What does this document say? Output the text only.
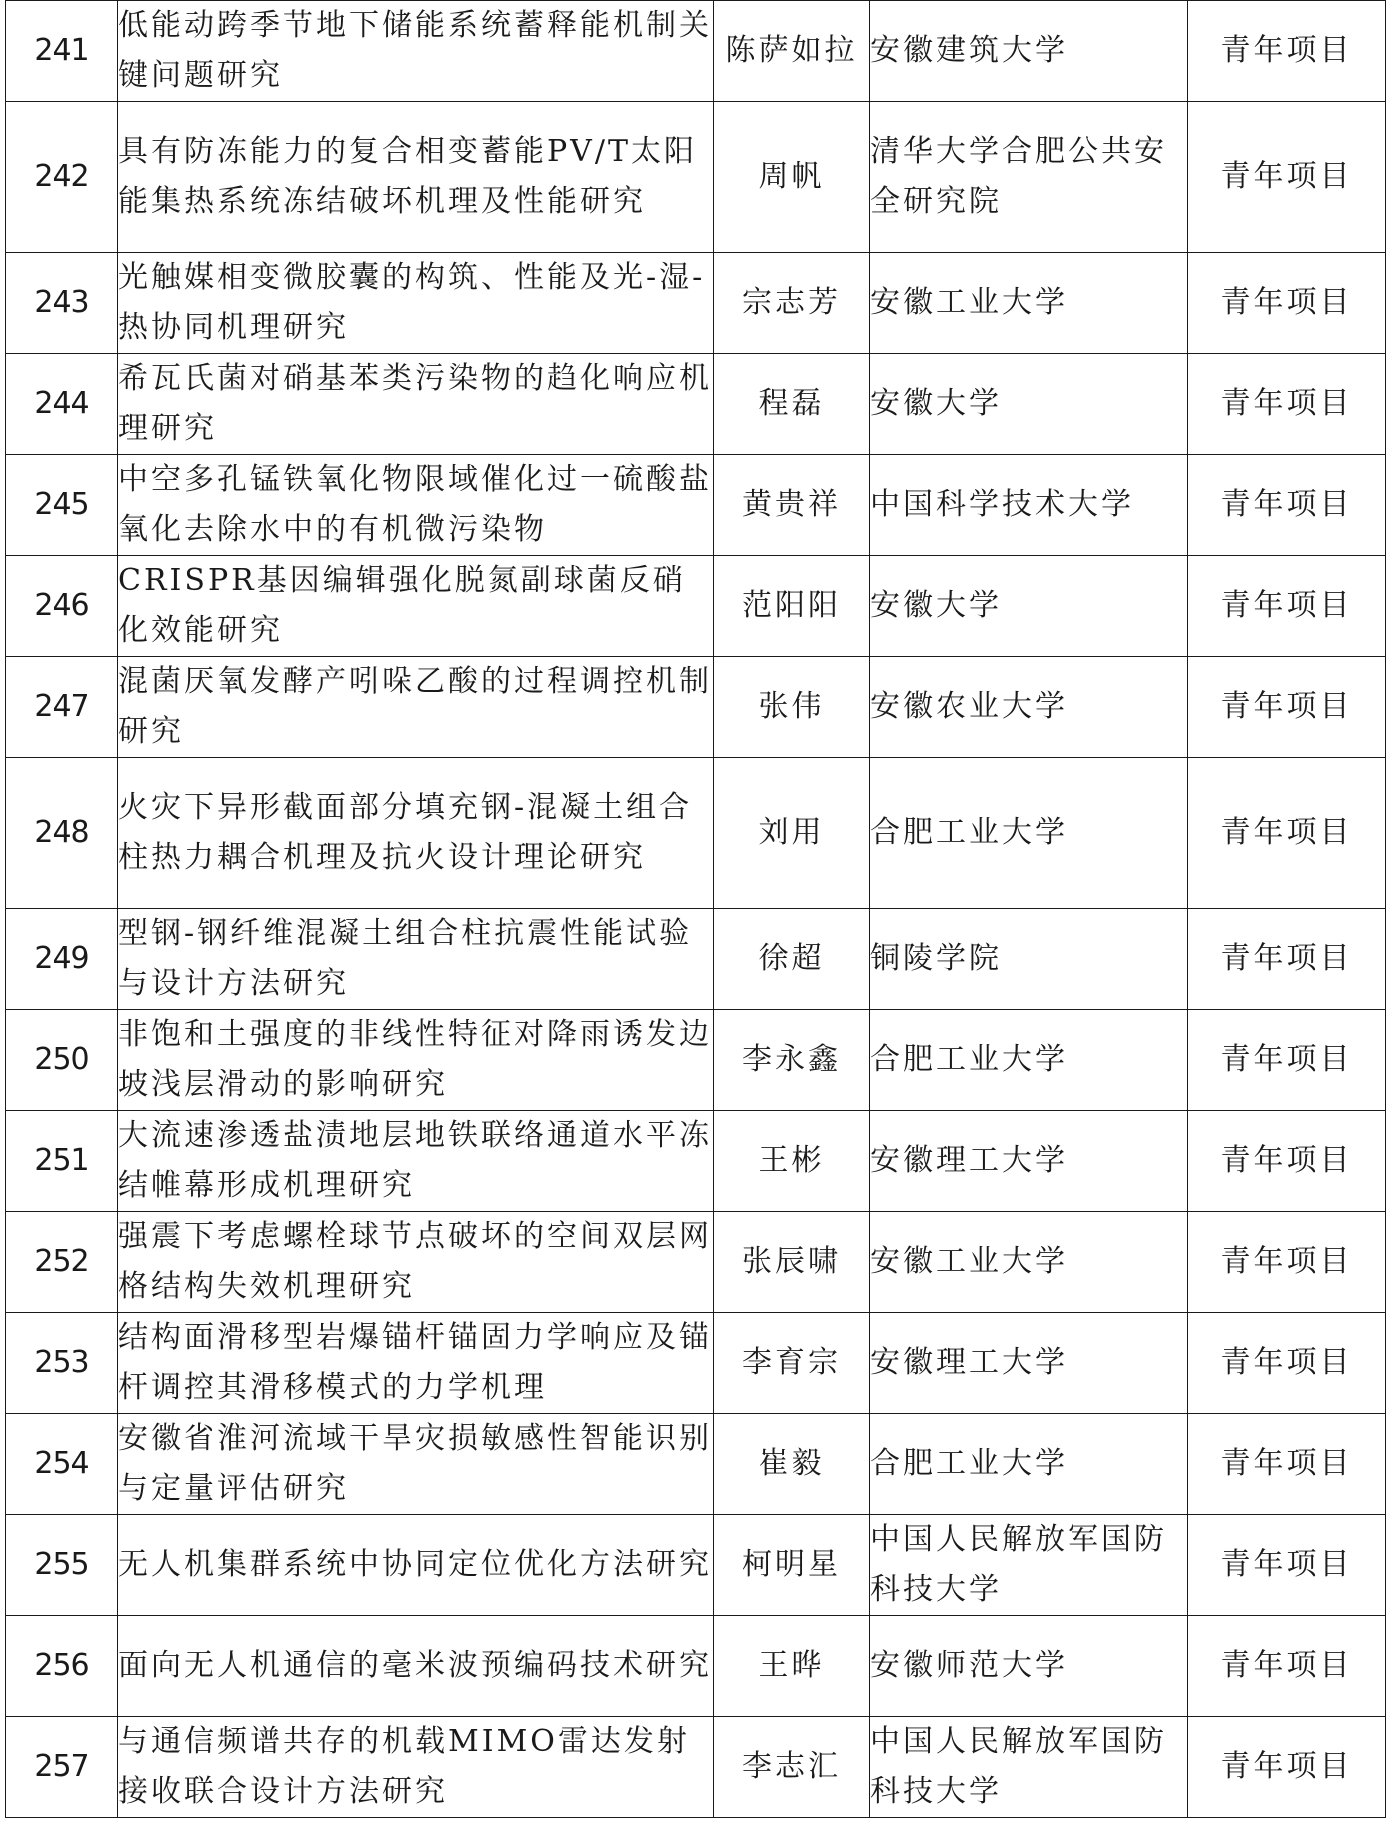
241	低能动跨季节地下储能系统蓄释能机制关键问题研究	陈萨如拉	安徽建筑大学	青年项目
242	具有防冻能力的复合相变蓄能PV/T太阳能集热系统冻结破坏机理及性能研究	周帆	清华大学合肥公共安全研究院	青年项目
243	光触媒相变微胶囊的构筑、性能及光-湿-热协同机理研究	宗志芳	安徽工业大学	青年项目
244	希瓦氏菌对硝基苯类污染物的趋化响应机理研究	程磊	安徽大学	青年项目
245	中空多孔锰铁氧化物限域催化过一硫酸盐氧化去除水中的有机微污染物	黄贵祥	中国科学技术大学	青年项目
246	CRISPR基因编辑强化脱氮副球菌反硝化效能研究	范阳阳	安徽大学	青年项目
247	混菌厌氧发酵产吲哚乙酸的过程调控机制研究	张伟	安徽农业大学	青年项目
248	火灾下异形截面部分填充钢-混凝土组合柱热力耦合机理及抗火设计理论研究	刘用	合肥工业大学	青年项目
249	型钢-钢纤维混凝土组合柱抗震性能试验与设计方法研究	徐超	铜陵学院	青年项目
250	非饱和土强度的非线性特征对降雨诱发边坡浅层滑动的影响研究	李永鑫	合肥工业大学	青年项目
251	大流速渗透盐渍地层地铁联络通道水平冻结帷幕形成机理研究	王彬	安徽理工大学	青年项目
252	强震下考虑螺栓球节点破坏的空间双层网格结构失效机理研究	张辰啸	安徽工业大学	青年项目
253	结构面滑移型岩爆锚杆锚固力学响应及锚杆调控其滑移模式的力学机理	李育宗	安徽理工大学	青年项目
254	安徽省淮河流域干旱灾损敏感性智能识别与定量评估研究	崔毅	合肥工业大学	青年项目
255	无人机集群系统中协同定位优化方法研究	柯明星	中国人民解放军国防科技大学	青年项目
256	面向无人机通信的毫米波预编码技术研究	王晔	安徽师范大学	青年项目
257	与通信频谱共存的机载MIMO雷达发射接收联合设计方法研究	李志汇	中国人民解放军国防科技大学	青年项目
